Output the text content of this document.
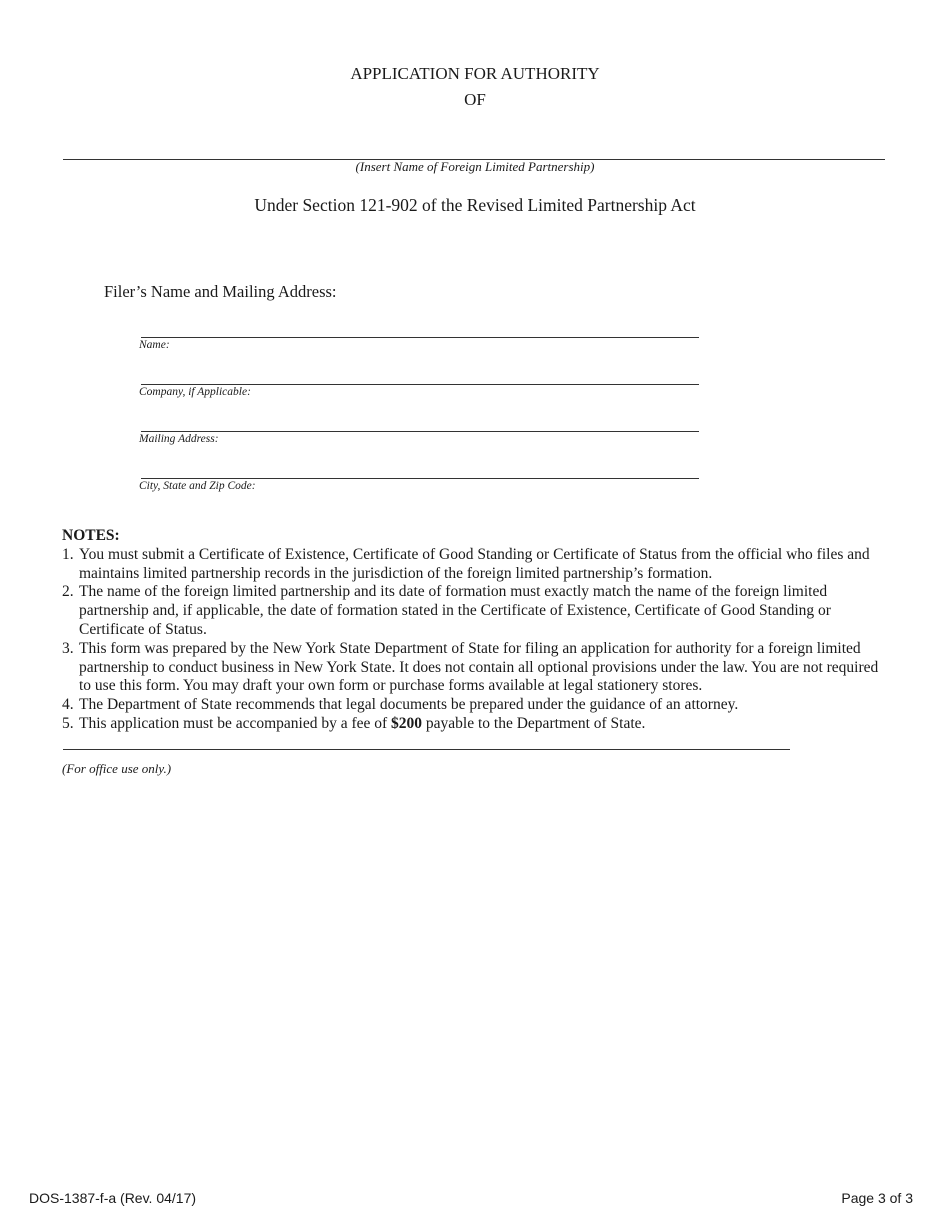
APPLICATION FOR AUTHORITY
OF
(Insert Name of Foreign Limited Partnership)
Under Section 121-902 of the Revised Limited Partnership Act
Filer’s Name and Mailing Address:
Name:
Company, if Applicable:
Mailing Address:
City, State and Zip Code:
NOTES:
1. You must submit a Certificate of Existence, Certificate of Good Standing or Certificate of Status from the official who files and maintains limited partnership records in the jurisdiction of the foreign limited partnership’s formation.
2. The name of the foreign limited partnership and its date of formation must exactly match the name of the foreign limited partnership and, if applicable, the date of formation stated in the Certificate of Existence, Certificate of Good Standing or Certificate of Status.
3. This form was prepared by the New York State Department of State for filing an application for authority for a foreign limited partnership to conduct business in New York State. It does not contain all optional provisions under the law. You are not required to use this form. You may draft your own form or purchase forms available at legal stationery stores.
4. The Department of State recommends that legal documents be prepared under the guidance of an attorney.
5. This application must be accompanied by a fee of $200 payable to the Department of State.
(For office use only.)
DOS-1387-f-a (Rev. 04/17)	Page 3 of 3
